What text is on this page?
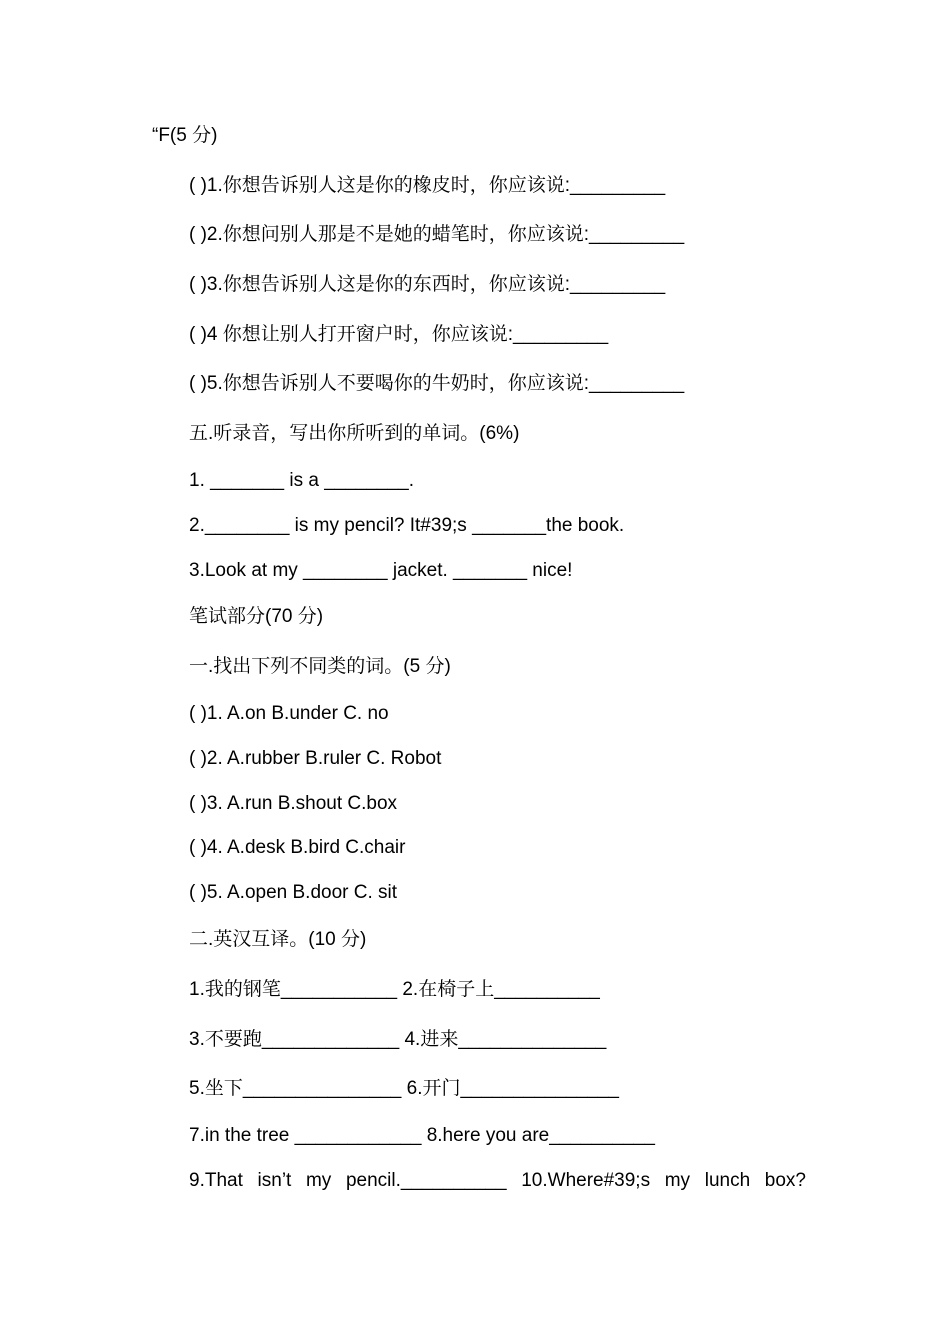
“F(5 分)
( )1.你想告诉别人这是你的橡皮时，你应该说:_________
( )2.你想问别人那是不是她的蜡笔时，你应该说:_________
( )3.你想告诉别人这是你的东西时，你应该说:_________
( )4 你想让别人打开窗户时，你应该说:_________
( )5.你想告诉别人不要喝你的牛奶时，你应该说:_________
五.听录音，写出你所听到的单词。(6%)
1. _______ is a ________.
2.________ is my pencil? It#39;s _______the book.
3.Look at my ________ jacket. _______ nice!
笔试部分(70 分)
一.找出下列不同类的词。(5 分)
( )1. A.on B.under C. no
( )2. A.rubber B.ruler C. Robot
( )3. A.run B.shout C.box
( )4. A.desk B.bird C.chair
( )5. A.open B.door C. sit
二.英汉互译。(10 分)
1.我的钢笔___________ 2.在椅子上__________
3.不要跑_____________ 4.进来______________
5.坐下_______________ 6.开门_______________
7.in the tree ____________ 8.here you are__________
9.That isn’t my pencil.__________ 10.Where#39;s my lunch box?
